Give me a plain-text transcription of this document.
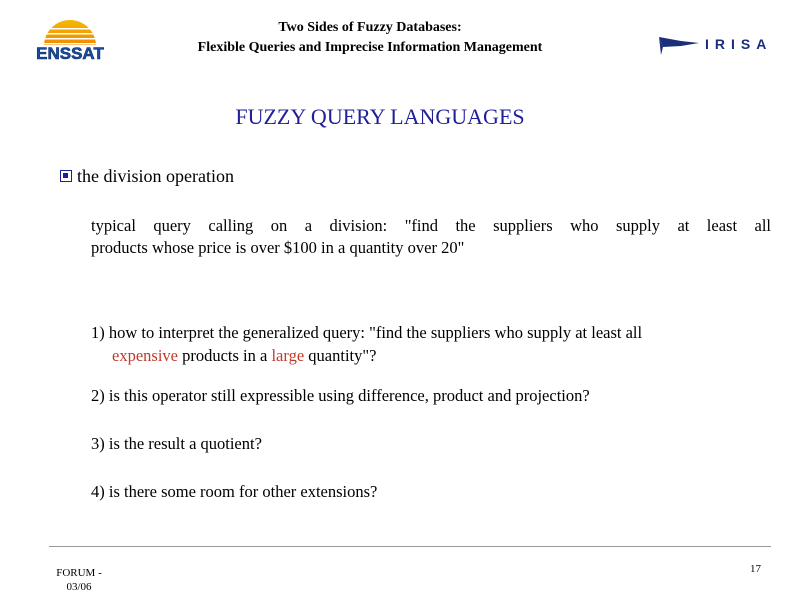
ENSSAT
Two Sides of Fuzzy Databases:
Flexible Queries and Imprecise Information Management	IRISA
FUZZY QUERY LANGUAGES
the division operation
typical query calling on a division: "find the suppliers who supply at least all
products whose price is over $100 in a quantity over 20"
1) how to interpret the generalized query: "find the suppliers who supply at least all
expensive products in a large quantity"?
2) is this operator still expressible using difference, product and projection?
3) is the result a quotient?
4) is there some room for other extensions?
FORUM -
03/06
17
